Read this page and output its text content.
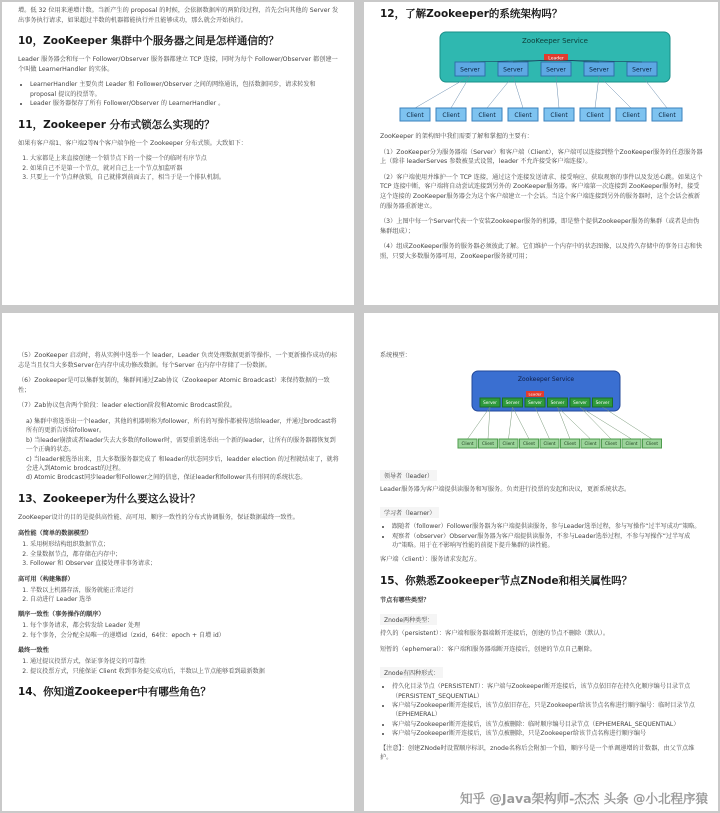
增。低 32 位用来递增计数。当新产生的 proposal 的时候，会依据数据库的两阶段过程，首先会向其他的 Server 发出事务执行请求，如果超过半数的机器都能执行并且能够成功，那么就会开始执行。

10，ZooKeeper 集群中个服务器之间是怎样通信的？

Leader 服务器会和每一个 Follower/Observer 服务器都建立 TCP 连接，同时为每个 Follower/Observer 都创建一个叫做 LearnerHandler 的实体。

• LearnerHandler 主要负责 Leader 和 Follower/Observer 之间的网络通讯，包括数据同步，请求转发和 proposal 提议的投票等。
• Leader 服务器保存了所有 Follower/Observer 的 LearnerHandler 。
11，Zookeeper 分布式锁怎么实现的？

如果有客户端1、客户端2等N个客户端争抢一个 Zookeeper 分布式锁。大致如下：

1. 大家都是上来直接创建一个锁节点下的一个接一个的临时有序节点
2. 如果自己不是第一个节点，就对自己上一个节点加监听器
3. 只要上一个节点释放锁，自己就排到前面去了，相当于是一个排队机制。
12，了解Zookeeper的系统架构吗？
ZooKeeper Service
Server	Server	Server	Server	Server
Leader
Client	Client	Client	Client	Client	Client	Client	Client

ZooKeeper 的架构图中我们需要了解和掌握的主要有：

（1）ZooKeeper分为服务器端（Server）和客户端（Client），客户端可以连接到整个ZooKeeper服务的任意服务器上（除非 leaderServes 参数被显式设置，leader 不允许接受客户端连接）。

（2）客户端使用并维护一个 TCP 连接，通过这个连接发送请求、接受响应、获取观察的事件以及发送心跳。如果这个 TCP 连接中断，客户端将自动尝试连接到另外的 ZooKeeper服务器。客户端第一次连接到 ZooKeeper服务时，接受这个连接的 ZooKeeper服务器会为这个客户端建立一个会话。当这个客户端连接到另外的服务器时，这个会话会被新的服务器重新建立。

（3）上图中每一个Server代表一个安装Zookeeper服务的机器，即是整个提供Zookeeper服务的集群（或者是由伪集群组成）；

（4）组成ZooKeeper服务的服务器必须彼此了解。它们维护一个内存中的状态图像，以及持久存储中的事务日志和快照，只要大多数服务器可用，ZooKeeper服务就可用；

（5）ZooKeeper 启动时，将从实例中选举一个 leader，Leader 负责处理数据更新等操作，一个更新操作成功的标志是当且仅当大多数Server在内存中成功修改数据。每个Server 在内存中存储了一份数据。

（6）Zookeeper是可以集群复制的，集群间通过Zab协议（Zookeeper Atomic Broadcast）来保持数据的一致性；

（7）Zab协议包含两个阶段：leader election阶段和Atomic Brodcast阶段。

a) 集群中将选举出一个leader，其他的机器则称为follower，所有的写操作都被传送给leader，并通过brodcast将所有的更新告诉给follower。
b) 当leader崩溃或者leader失去大多数的follower时，需要重新选举出一个新的leader，让所有的服务器都恢复到一个正确的状态。
c) 当leader被选举出来，且大多数服务器完成了 和leader的状态同步后，leadder election 的过程就结束了，就将会进入到Atomic brodcast的过程。
d) Atomic Brodcast同步leader和Follower之间的信息，保证leader和follower具有形同的系统状态。
13、Zookeeper为什么要这么设计？

ZooKeeper设计的目的是提供高性能、高可用、顺序一致性的分布式协调服务，保证数据最终一致性。

高性能（简单的数据模型）
1. 采用树形结构组织数据节点；
2. 全量数据节点，都存储在内存中；
3. Follower 和 Observer 直接处理非事务请求；
高可用（构建集群）
1. 半数以上机器存活，服务就能正常运行
2. 自动进行 Leader 选举
顺序一致性（事务操作的顺序）
1. 每个事务请求，都会转发给 Leader 处理
2. 每个事务，会分配全局唯一的递增id（zxid，64位：epoch + 自增 id）
最终一致性
1. 通过提议投票方式，保证事务提交的可靠性
2. 提议投票方式，只能保证 Client 收到事务提交成功后，半数以上节点能够看到最新数据
14、你知道Zookeeper中有哪些角色？

系统模型：

Zookeeper Service
Server Server Server Server Server Server
Leader
Client Client Client Client Client Client Client Client Client Client
领导者（leader）

Leader服务器为客户端提供读服务和写服务。负责进行投票的发起和决议，更新系统状态。

学习者（learner）
• 跟随者（follower）Follower服务器为客户端提供读服务，参与Leader选举过程，参与写操作“过半写成功”策略。
• 观察者（observer）Observer服务器为客户端提供读服务，不参与Leader选举过程，不参与写操作“过半写成功”策略。用于在不影响写性能的前提下提升集群的读性能。

客户端（client）：服务请求发起方。

15、你熟悉Zookeeper节点ZNode和相关属性吗？
节点有哪些类型？
Znode两种类型：

持久的（persistent）：客户端和服务器端断开连接后，创建的节点不删除（默认）。

短暂的（ephemeral）：客户端和服务器端断开连接后，创建的节点自己删除。

Znode有四种形式：
• 持久化目录节点（PERSISTENT）：客户端与Zookeeper断开连接后，该节点依旧存在持久化顺序编号目录节点（PERSISTENT_SEQUENTIAL）
• 客户端与Zookeeper断开连接后，该节点依旧存在，只是Zookeeper给该节点名称进行顺序编号：临时目录节点（EPHEMERAL）
• 客户端与Zookeeper断开连接后，该节点被删除：临时顺序编号目录节点（EPHEMERAL_SEQUENTIAL）
• 客户端与Zookeeper断开连接后，该节点被删除，只是Zookeeper给该节点名称进行顺序编号

【注意】：创建ZNode时设置顺序标识，znode名称后会附加一个值，顺序号是一个单调递增的计数器，由父节点维护。

知乎 @Java架构师-杰杰 头条 @小北程序猿
